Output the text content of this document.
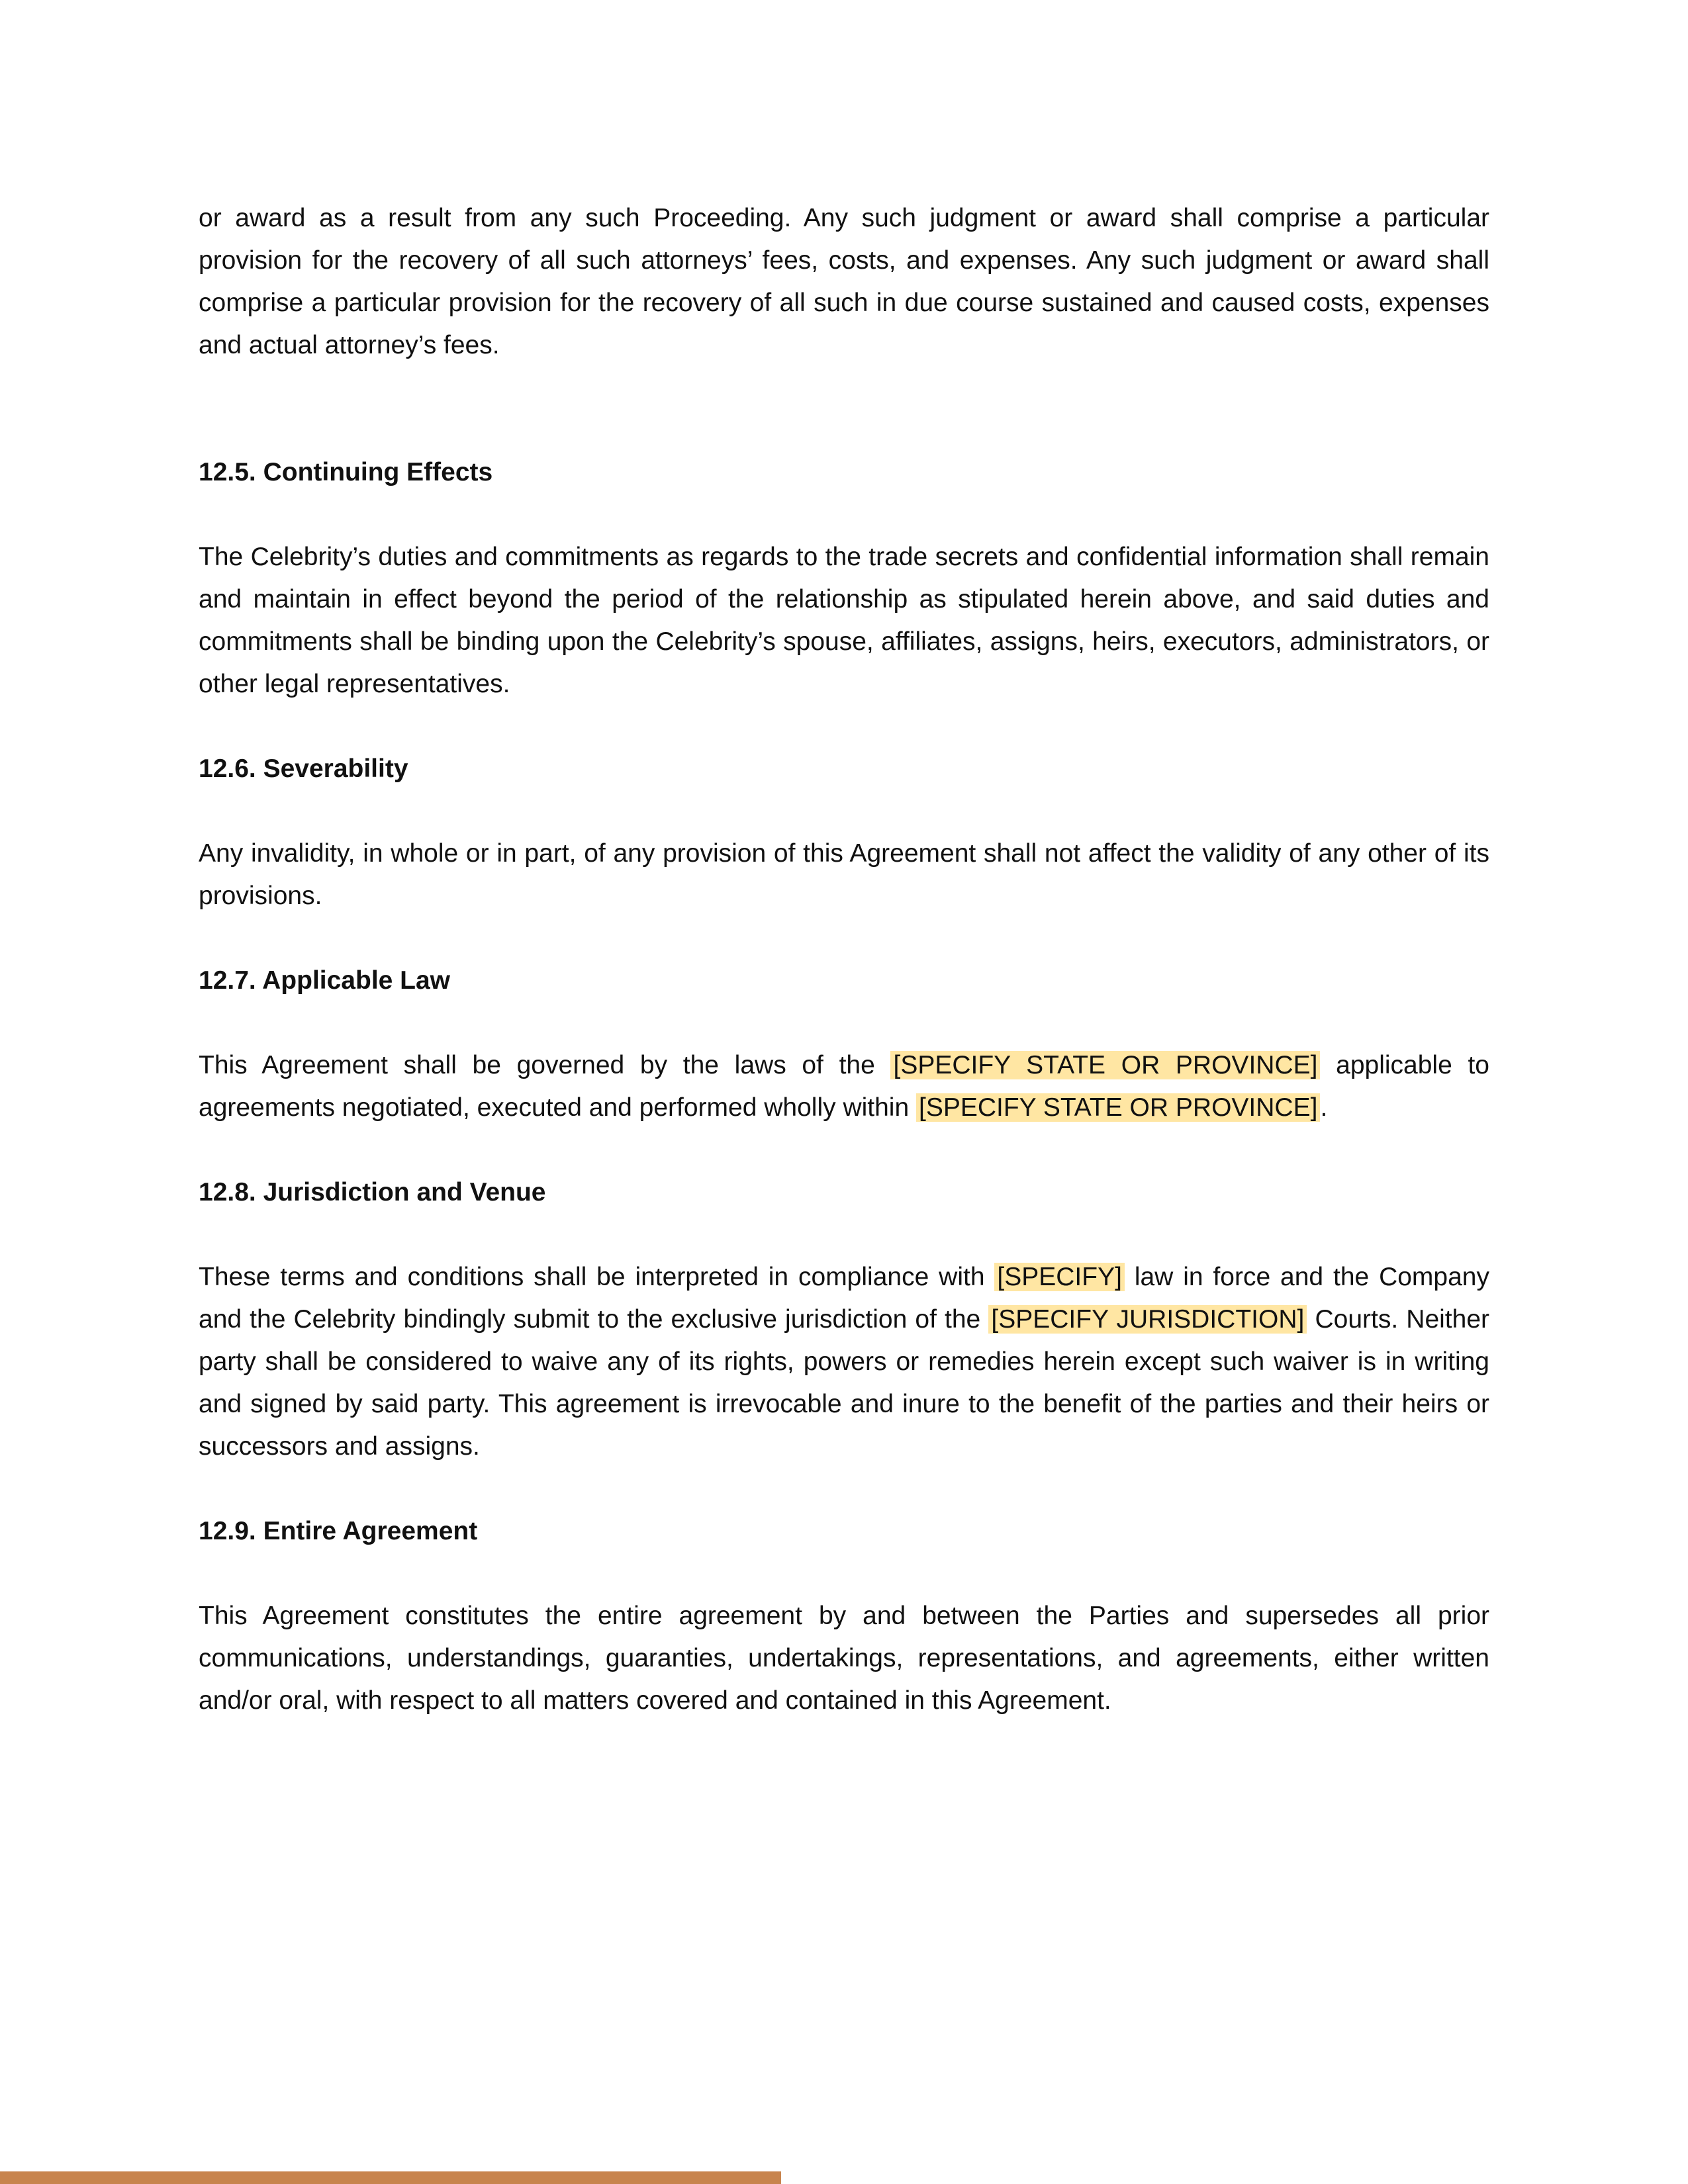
or award as a result from any such Proceeding. Any such judgment or award shall comprise a particular provision for the recovery of all such attorneys’ fees, costs, and expenses. Any such judgment or award shall comprise a particular provision for the recovery of all such in due course sustained and caused costs, expenses and actual attorney’s fees.

12.5. Continuing Effects

The Celebrity’s duties and commitments as regards to the trade secrets and confidential information shall remain and maintain in effect beyond the period of the relationship as stipulated herein above, and said duties and commitments shall be binding upon the Celebrity’s spouse, affiliates, assigns, heirs, executors, administrators, or other legal representatives.

12.6. Severability

Any invalidity, in whole or in part, of any provision of this Agreement shall not affect the validity of any other of its provisions.

12.7. Applicable Law

This Agreement shall be governed by the laws of the [SPECIFY STATE OR PROVINCE] applicable to agreements negotiated, executed and performed wholly within [SPECIFY STATE OR PROVINCE] .

12.8. Jurisdiction and Venue

These terms and conditions shall be interpreted in compliance with [SPECIFY] law in force and the Company and the Celebrity bindingly submit to the exclusive jurisdiction of the [SPECIFY JURISDICTION] Courts. Neither party shall be considered to waive any of its rights, powers or remedies herein except such waiver is in writing and signed by said party. This agreement is irrevocable and inure to the benefit of the parties and their heirs or successors and assigns.

12.9. Entire Agreement

This Agreement constitutes the entire agreement by and between the Parties and supersedes all prior communications, understandings, guaranties, undertakings, representations, and agreements, either written and/or oral, with respect to all matters covered and contained in this Agreement.
